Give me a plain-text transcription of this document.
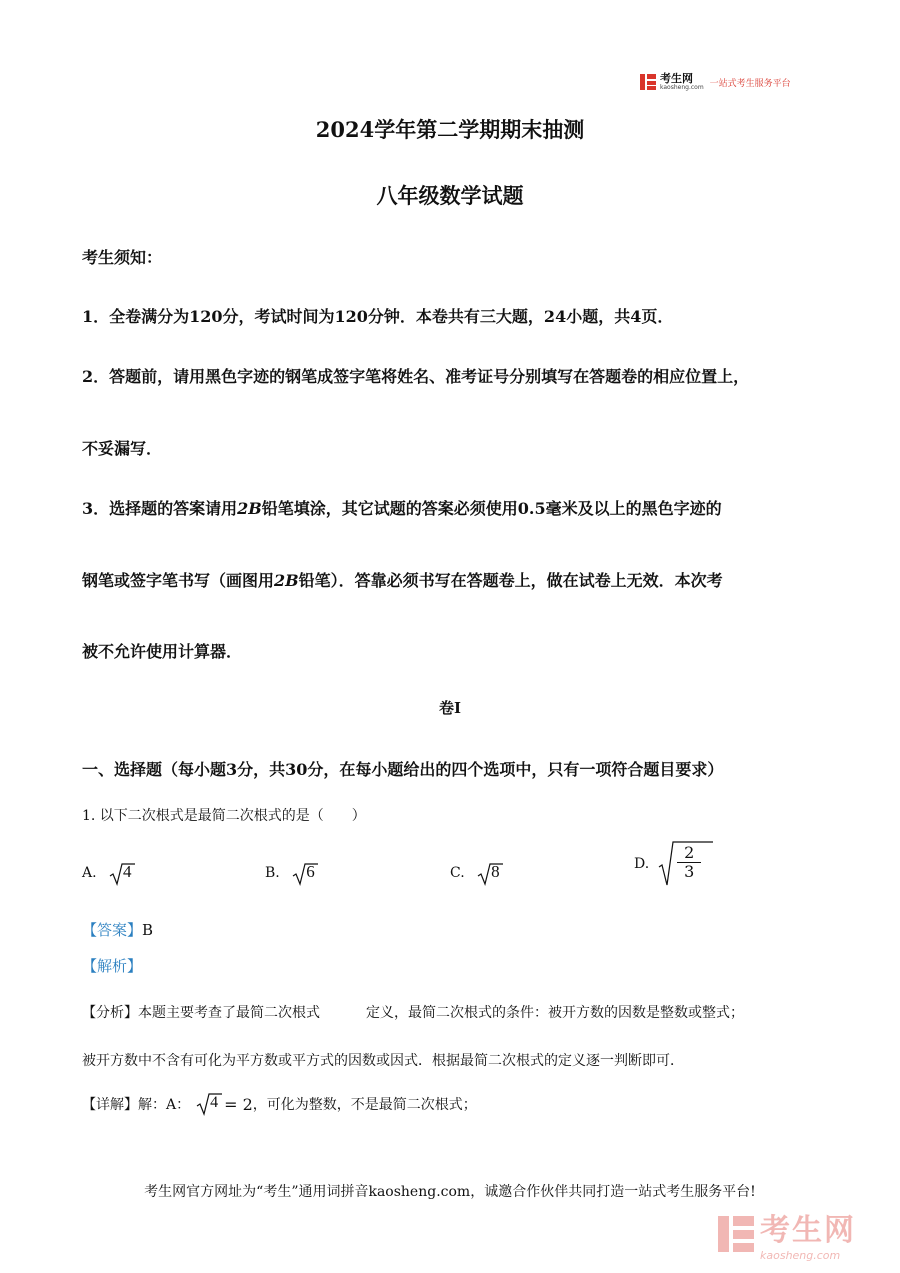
考生网
kaosheng.com 一站式考生服务平台
2024学年第二学期期末抽测
八年级数学试题
考生须知：
1．全卷满分为120分，考试时间为120分钟．本卷共有三大题，24小题，共4页．
2．答题前，请用黑色字迹的钢笔成签字笔将姓名、准考证号分别填写在答题卷的相应位置上，
不妥漏写．
3．选择题的答案请用2B铅笔填涂，其它试题的答案必须使用0.5毫米及以上的黑色字迹的
钢笔或签字笔书写（画图用2B铅笔）．答靠必须书写在答题卷上，做在试卷上无效．本次考
被不允许使用计算器．
卷I
一、选择题（每小题3分，共30分，在每小题给出的四个选项中，只有一项符合题目要求）
1. 以下二次根式是最简二次根式的是（　　）
A. 4	B. 6	C. 8	D. $\frac{2}{3}$
【答案】B
【解析】
【分析】本题主要考查了最简二次根式	定义，最简二次根式的条件：被开方数的因数是整数或整式；
被开方数中不含有可化为平方数或平方式的因数或因式．根据最简二次根式的定义逐一判断即可．
【详解】 解：A：	4 = 2 ，可化为整数，不是最简二次根式；
考生网官方网址为“考生”通用词拼音kaosheng.com，诚邀合作伙伴共同打造一站式考生服务平台!
考生网
kaosheng.com
